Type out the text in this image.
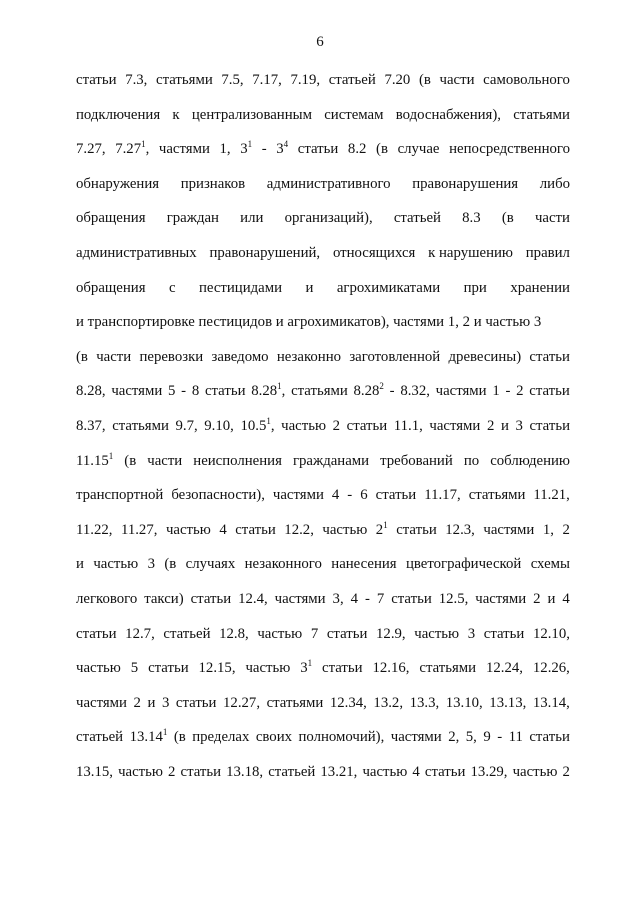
6
статьи 7.3, статьями 7.5, 7.17, 7.19, статьей 7.20 (в части самовольного
подключения к централизованным системам водоснабжения), статьями
7.27, 7.27$^1$, частями 1, $3^1 - 3^4$ статьи 8.2 (в случае непосредственного
обнаружения признаков административного правонарушения либо
обращения граждан или организаций), статьей 8.3 (в части
административных правонарушений, относящихся к нарушению правил
обращения с пестицидами и агрохимикатами при хранении
и транспортировке пестицидов и агрохимикатов), частями 1, 2 и частью 3
(в части перевозки заведомо незаконно заготовленной древесины) статьи
8.28, частями 5 - 8 статьи 8.28$^1$, статьями 8.28$^2$ - 8.32, частями 1 - 2 статьи
8.37, статьями 9.7, 9.10, 10.5$^1$, частью 2 статьи 11.1, частями 2 и 3 статьи
11.15$^1$ (в части неисполнения гражданами требований по соблюдению
транспортной безопасности), частями 4 - 6 статьи 11.17, статьями 11.21,
11.22, 11.27, частью 4 статьи 12.2, частью $2^1$ статьи 12.3, частями 1, 2
и частью 3 (в случаях незаконного нанесения цветографической схемы
легкового такси) статьи 12.4, частями 3, 4 - 7 статьи 12.5, частями 2 и 4
статьи 12.7, статьей 12.8, частью 7 статьи 12.9, частью 3 статьи 12.10,
частью 5 статьи 12.15, частью $3^1$ статьи 12.16, статьями 12.24, 12.26,
частями 2 и 3 статьи 12.27, статьями 12.34, 13.2, 13.3, 13.10, 13.13, 13.14,
статьей 13.14$^1$ (в пределах своих полномочий), частями 2, 5, 9 - 11 статьи
13.15, частью 2 статьи 13.18, статьей 13.21, частью 4 статьи 13.29, частью 2
